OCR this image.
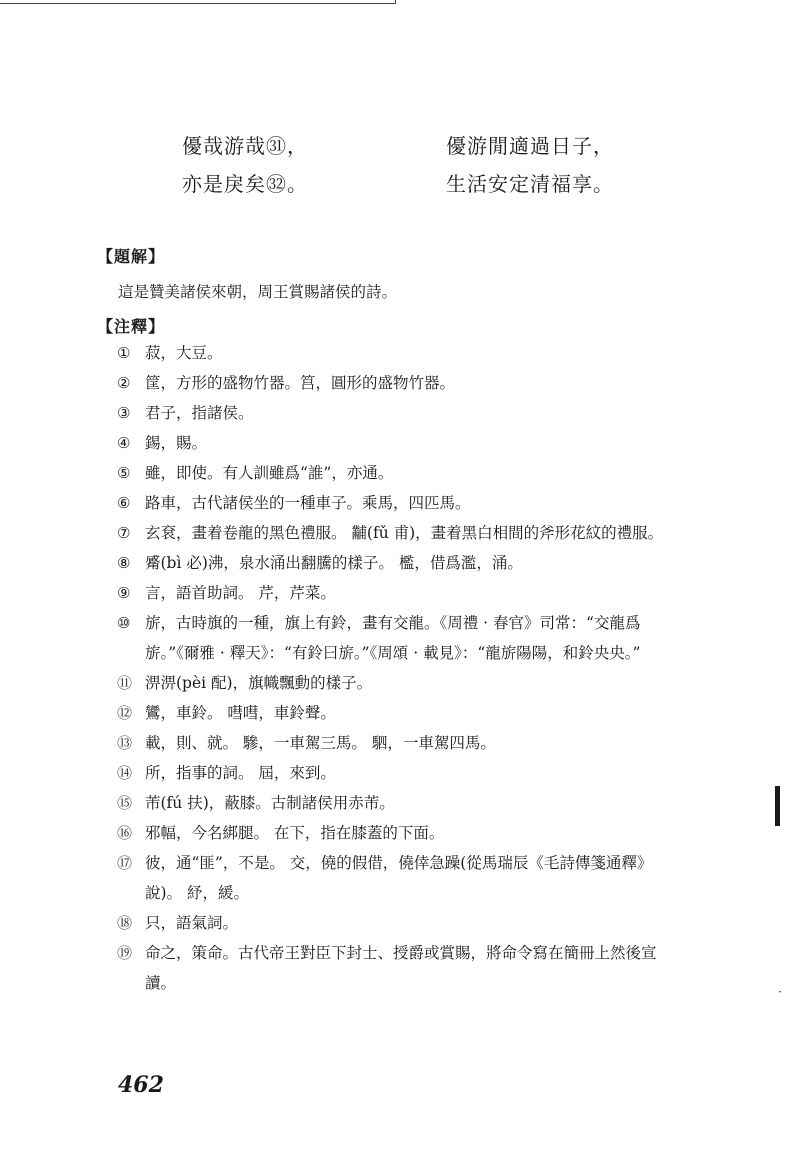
優哉游哉㉛，	優游閒適過日子，
亦是戾矣㉜。	生活安定清福享。
【題解】
這是贊美諸侯來朝，周王賞賜諸侯的詩。
【注釋】
① 菽，大豆。
② 筐，方形的盛物竹器。筥，圓形的盛物竹器。
③ 君子，指諸侯。
④ 錫，賜。
⑤ 雖，即使。有人訓雖爲“誰”，亦通。
⑥ 路車，古代諸侯坐的一種車子。乘馬，四匹馬。
⑦ 玄袞，畫着卷龍的黑色禮服。 黼(fǔ 甫)，畫着黑白相間的斧形花紋的禮服。
⑧ 觱(bì 必)沸，泉水涌出翻騰的樣子。 檻，借爲濫，涌。
⑨ 言，語首助詞。 芹，芹菜。
⑩ 旂，古時旗的一種，旗上有鈴，畫有交龍。《周禮 · 春官》司常：“交龍爲旂。”《爾雅 · 釋天》：“有鈴曰旂。”《周頌 · 載見》：“龍旂陽陽，和鈴央央。”
⑪ 淠淠(pèi 配)，旗幟飄動的樣子。
⑫ 鸞，車鈴。 嘒嘒，車鈴聲。
⑬ 載，則、就。 驂，一車駕三馬。 駟，一車駕四馬。
⑭ 所，指事的詞。 屆，來到。
⑮ 芾(fú 扶)，蔽膝。古制諸侯用赤芾。
⑯ 邪幅，今名綁腿。 在下，指在膝蓋的下面。
⑰ 彼，通“匪”，不是。 交，僥的假借，僥倖急躁(從馬瑞辰《毛詩傳箋通釋》說)。 紓，緩。
⑱ 只，語氣詞。
⑲ 命之，策命。古代帝王對臣下封士、授爵或賞賜，將命令寫在簡冊上然後宣讀。	·
462
